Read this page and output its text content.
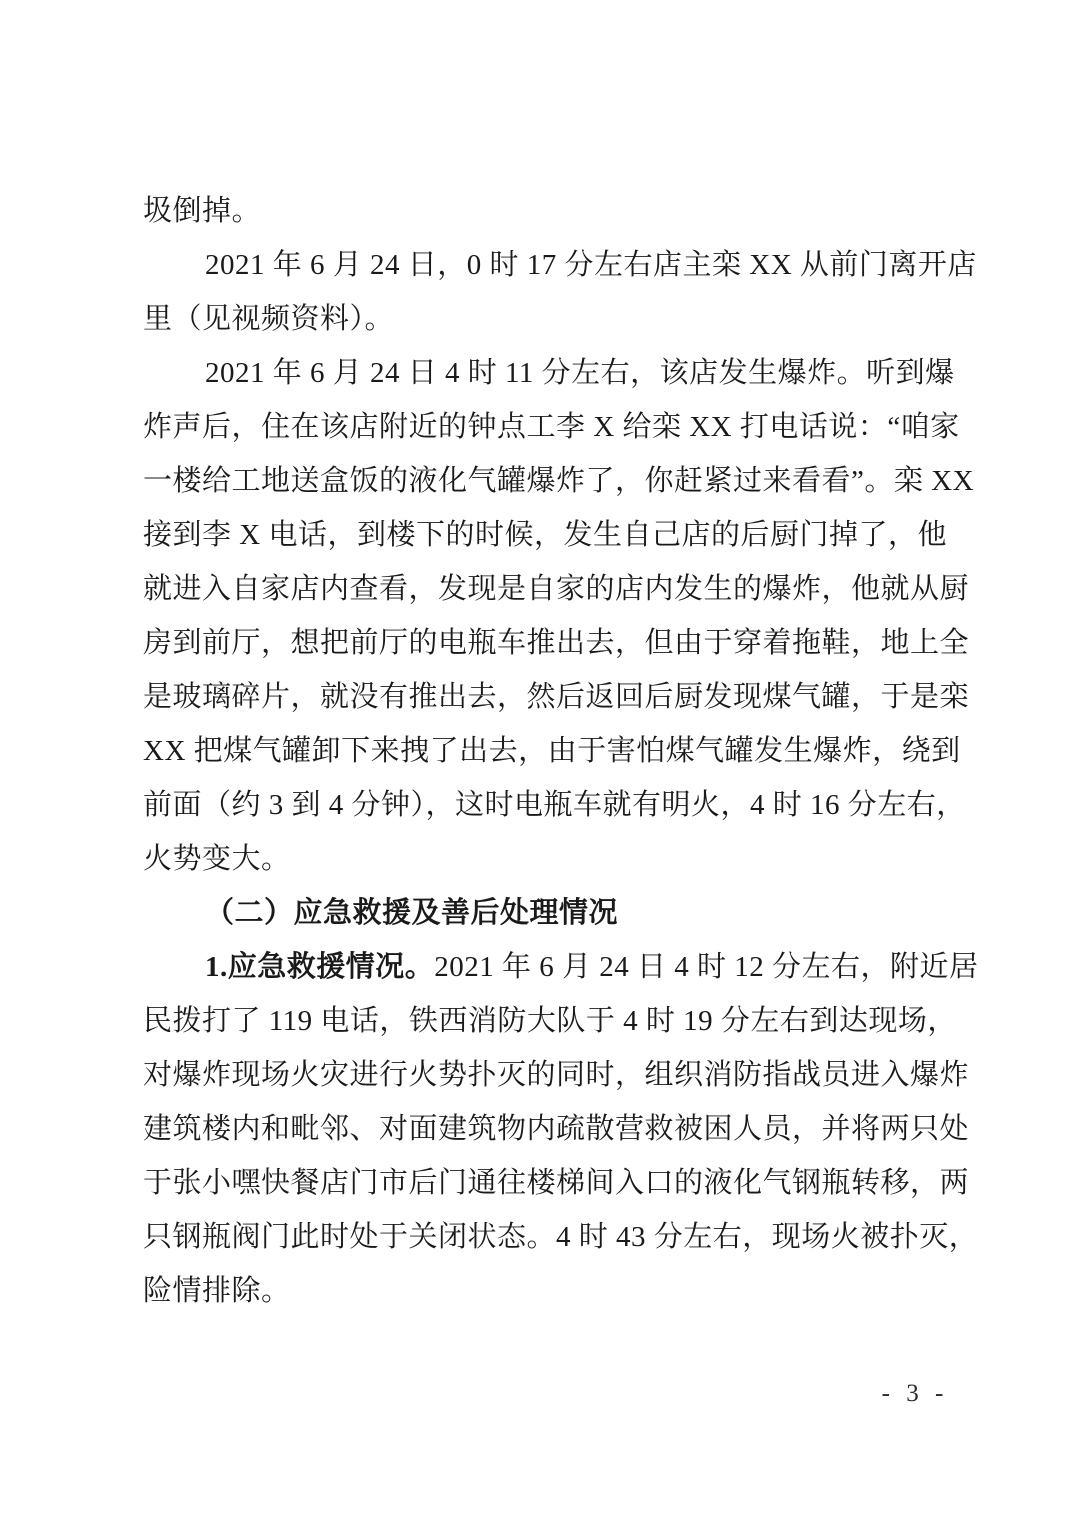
圾倒掉。

2021 年 6 月 24 日，0 时 17 分左右店主栾 XX 从前门离开店

里（见视频资料）。

2021 年 6 月 24 日 4 时 11 分左右，该店发生爆炸。听到爆

炸声后，住在该店附近的钟点工李 X 给栾 XX 打电话说：“咱家

一楼给工地送盒饭的液化气罐爆炸了，你赶紧过来看看”。栾 XX

接到李 X 电话，到楼下的时候，发生自己店的后厨门掉了，他

就进入自家店内查看，发现是自家的店内发生的爆炸，他就从厨

房到前厅，想把前厅的电瓶车推出去，但由于穿着拖鞋，地上全

是玻璃碎片，就没有推出去，然后返回后厨发现煤气罐，于是栾

XX 把煤气罐卸下来拽了出去，由于害怕煤气罐发生爆炸，绕到

前面（约 3 到 4 分钟），这时电瓶车就有明火，4 时 16 分左右，

火势变大。

（二）应急救援及善后处理情况

1.应急救援情况。2021 年 6 月 24 日 4 时 12 分左右，附近居

民拨打了 119 电话，铁西消防大队于 4 时 19 分左右到达现场，

对爆炸现场火灾进行火势扑灭的同时，组织消防指战员进入爆炸

建筑楼内和毗邻、对面建筑物内疏散营救被困人员，并将两只处

于张小嘿快餐店门市后门通往楼梯间入口的液化气钢瓶转移，两

只钢瓶阀门此时处于关闭状态。4 时 43 分左右，现场火被扑灭，

险情排除。

- 3 -
